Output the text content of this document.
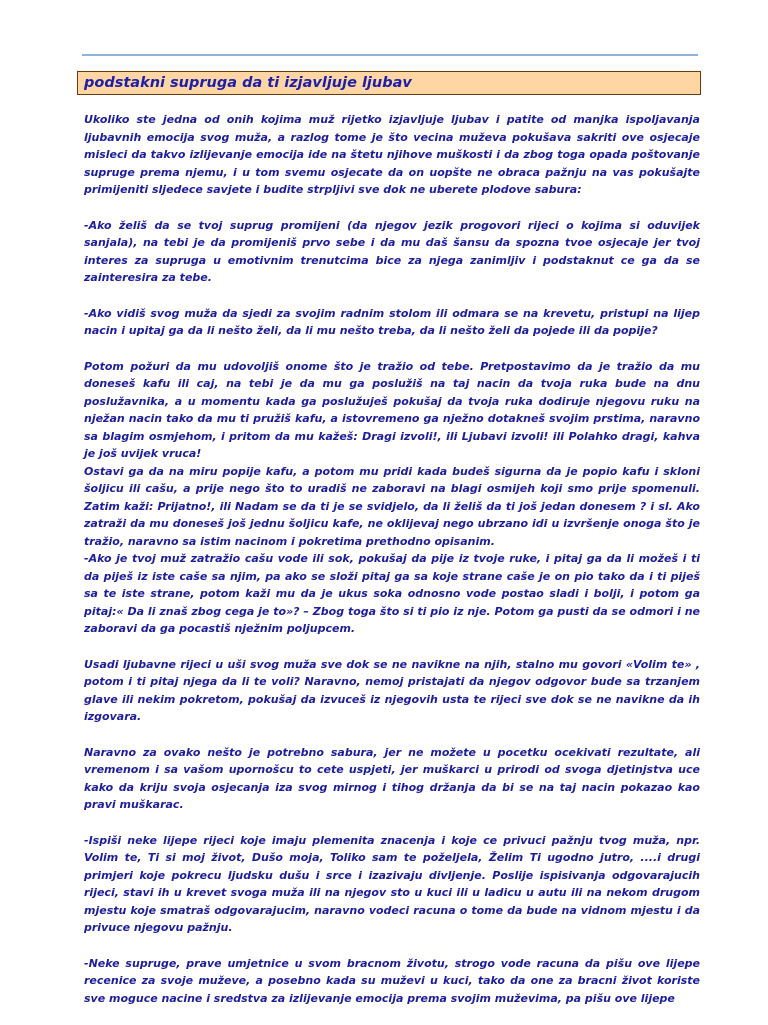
podstakni supruga da ti izjavljuje ljubav

Ukoliko ste jedna od onih kojima muž rijetko izjavljuje ljubav i patite od manjka ispoljavanja ljubavnih emocija svog muža, a razlog tome je što vecina muževa pokušava sakriti ove osjecaje misleci da takvo izlijevanje emocija ide na štetu njihove muškosti i da zbog toga opada poštovanje supruge prema njemu, i u tom svemu osjecate da on uopšte ne obraca pažnju na vas pokušajte primijeniti sljedece savjete i budite strpljivi sve dok ne uberete plodove sabura:

-Ako želiš da se tvoj suprug promijeni (da njegov jezik progovori rijeci o kojima si oduvijek sanjala), na tebi je da promijeniš prvo sebe i da mu daš šansu da spozna tvoe osjecaje jer tvoj interes za supruga u emotivnim trenutcima bice za njega zanimljiv i podstaknut ce ga da se zainteresira za tebe.

-Ako vidiš svog muža da sjedi za svojim radnim stolom ili odmara se na krevetu, pristupi na lijep nacin i upitaj ga da li nešto želi, da li mu nešto treba, da li nešto želi da pojede ili da popije?

Potom požuri da mu udovoljiš onome što je tražio od tebe. Pretpostavimo da je tražio da mu doneseš kafu ili caj, na tebi je da mu ga poslužiš na taj nacin da tvoja ruka bude na dnu poslužavnika, a u momentu kada ga poslužuješ pokušaj da tvoja ruka dodiruje njegovu ruku na nježan nacin tako da mu ti pružiš kafu, a istovremeno ga nježno dotakneš svojim prstima, naravno sa blagim osmjehom, i pritom da mu kažeš: Dragi izvoli!, ili Ljubavi izvoli! ili Polahko dragi, kahva je još uvijek vruca!

Ostavi ga da na miru popije kafu, a potom mu pridi kada budeš sigurna da je popio kafu i skloni šoljicu ili cašu, a prije nego što to uradiš ne zaboravi na blagi osmijeh koji smo prije spomenuli. Zatim kaži: Prijatno!, ili Nadam se da ti je se svidjelo, da li želiš da ti još jedan donesem ? i sl. Ako zatraži da mu doneseš još jednu šoljicu kafe, ne oklijevaj nego ubrzano idi u izvršenje onoga što je tražio, naravno sa istim nacinom i pokretima prethodno opisanim.

-Ako je tvoj muž zatražio cašu vode ili sok, pokušaj da pije iz tvoje ruke, i pitaj ga da li možeš i ti da piješ iz iste caše sa njim, pa ako se složi pitaj ga sa koje strane caše je on pio tako da i ti piješ sa te iste strane, potom kaži mu da je ukus soka odnosno vode postao sladi i bolji, i potom ga pitaj:« Da li znaš zbog cega je to»? – Zbog toga što si ti pio iz nje. Potom ga pusti da se odmori i ne zaboravi da ga pocastiš nježnim poljupcem.

Usadi ljubavne rijeci u uši svog muža sve dok se ne navikne na njih, stalno mu govori «Volim te» , potom i ti pitaj njega da li te voli? Naravno, nemoj pristajati da njegov odgovor bude sa trzanjem glave ili nekim pokretom, pokušaj da izvuceš iz njegovih usta te rijeci sve dok se ne navikne da ih izgovara.

Naravno za ovako nešto je potrebno sabura, jer ne možete u pocetku ocekivati rezultate, ali vremenom i sa vašom upornošcu to cete uspjeti, jer muškarci u prirodi od svoga djetinjstva uce kako da kriju svoja osjecanja iza svog mirnog i tihog držanja da bi se na taj nacin pokazao kao pravi muškarac.

-Ispiši neke lijepe rijeci koje imaju plemenita znacenja i koje ce privuci pažnju tvog muža, npr. Volim te, Ti si moj život, Dušo moja, Toliko sam te poželjela, Želim Ti ugodno jutro, ....i drugi primjeri koje pokrecu ljudsku dušu i srce i izazivaju divljenje. Poslije ispisivanja odgovarajucih rijeci, stavi ih u krevet svoga muža ili na njegov sto u kuci ili u ladicu u autu ili na nekom drugom mjestu koje smatraš odgovarajucim, naravno vodeci racuna o tome da bude na vidnom mjestu i da privuce njegovu pažnju.

-Neke supruge, prave umjetnice u svom bracnom životu, strogo vode racuna da pišu ove lijepe recenice za svoje muževe, a posebno kada su muževi u kuci, tako da one za bracni život koriste sve moguce nacine i sredstva za izlijevanje emocija prema svojim muževima, pa pišu ove lijepe
